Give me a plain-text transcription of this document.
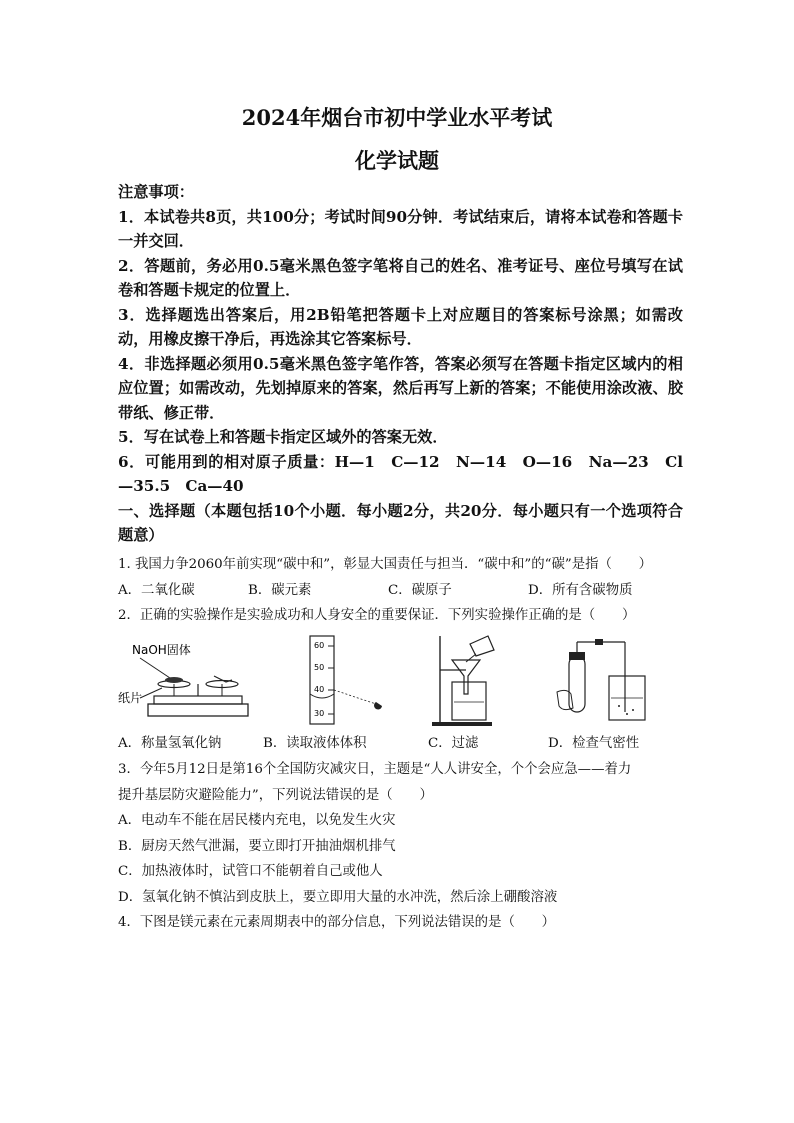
2024年烟台市初中学业水平考试
化学试题

注意事项：

1．本试卷共8页，共100分；考试时间90分钟．考试结束后，请将本试卷和答题卡一并交回．

2．答题前，务必用0.5毫米黑色签字笔将自己的姓名、准考证号、座位号填写在试卷和答题卡规定的位置上．

3．选择题选出答案后，用2B铅笔把答题卡上对应题目的答案标号涂黑；如需改动，用橡皮擦干净后，再选涂其它答案标号．

4．非选择题必须用0.5毫米黑色签字笔作答，答案必须写在答题卡指定区域内的相应位置；如需改动，先划掉原来的答案，然后再写上新的答案；不能使用涂改液、胶带纸、修正带．

5．写在试卷上和答题卡指定区域外的答案无效．

6．可能用到的相对原子质量：H—1　C—12　N—14　O—16　Na—23　Cl—35.5　Ca—40

一、选择题（本题包括10个小题．每小题2分，共20分．每小题只有一个选项符合题意）

1. 我国力争2060年前实现“碳中和”，彰显大国责任与担当．“碳中和”的“碳”是指（　　）

A．二氧化碳	B．碳元素	C．碳原子	D．所有含碳物质

2．正确的实验操作是实验成功和人身安全的重要保证．下列实验操作正确的是（　　）

NaOH固体
纸片
60
50
40
30
A．称量氢氧化钠	B．读取液体体积	C．过滤	D．检查气密性

3．今年5月12日是第16个全国防灾减灾日，主题是“人人讲安全，个个会应急——着力

提升基层防灾避险能力”，下列说法错误的是（　　）

A．电动车不能在居民楼内充电，以免发生火灾

B．厨房天然气泄漏，要立即打开抽油烟机排气

C．加热液体时，试管口不能朝着自己或他人

D．氢氧化钠不慎沾到皮肤上，要立即用大量的水冲洗，然后涂上硼酸溶液

4．下图是镁元素在元素周期表中的部分信息，下列说法错误的是（　　）
